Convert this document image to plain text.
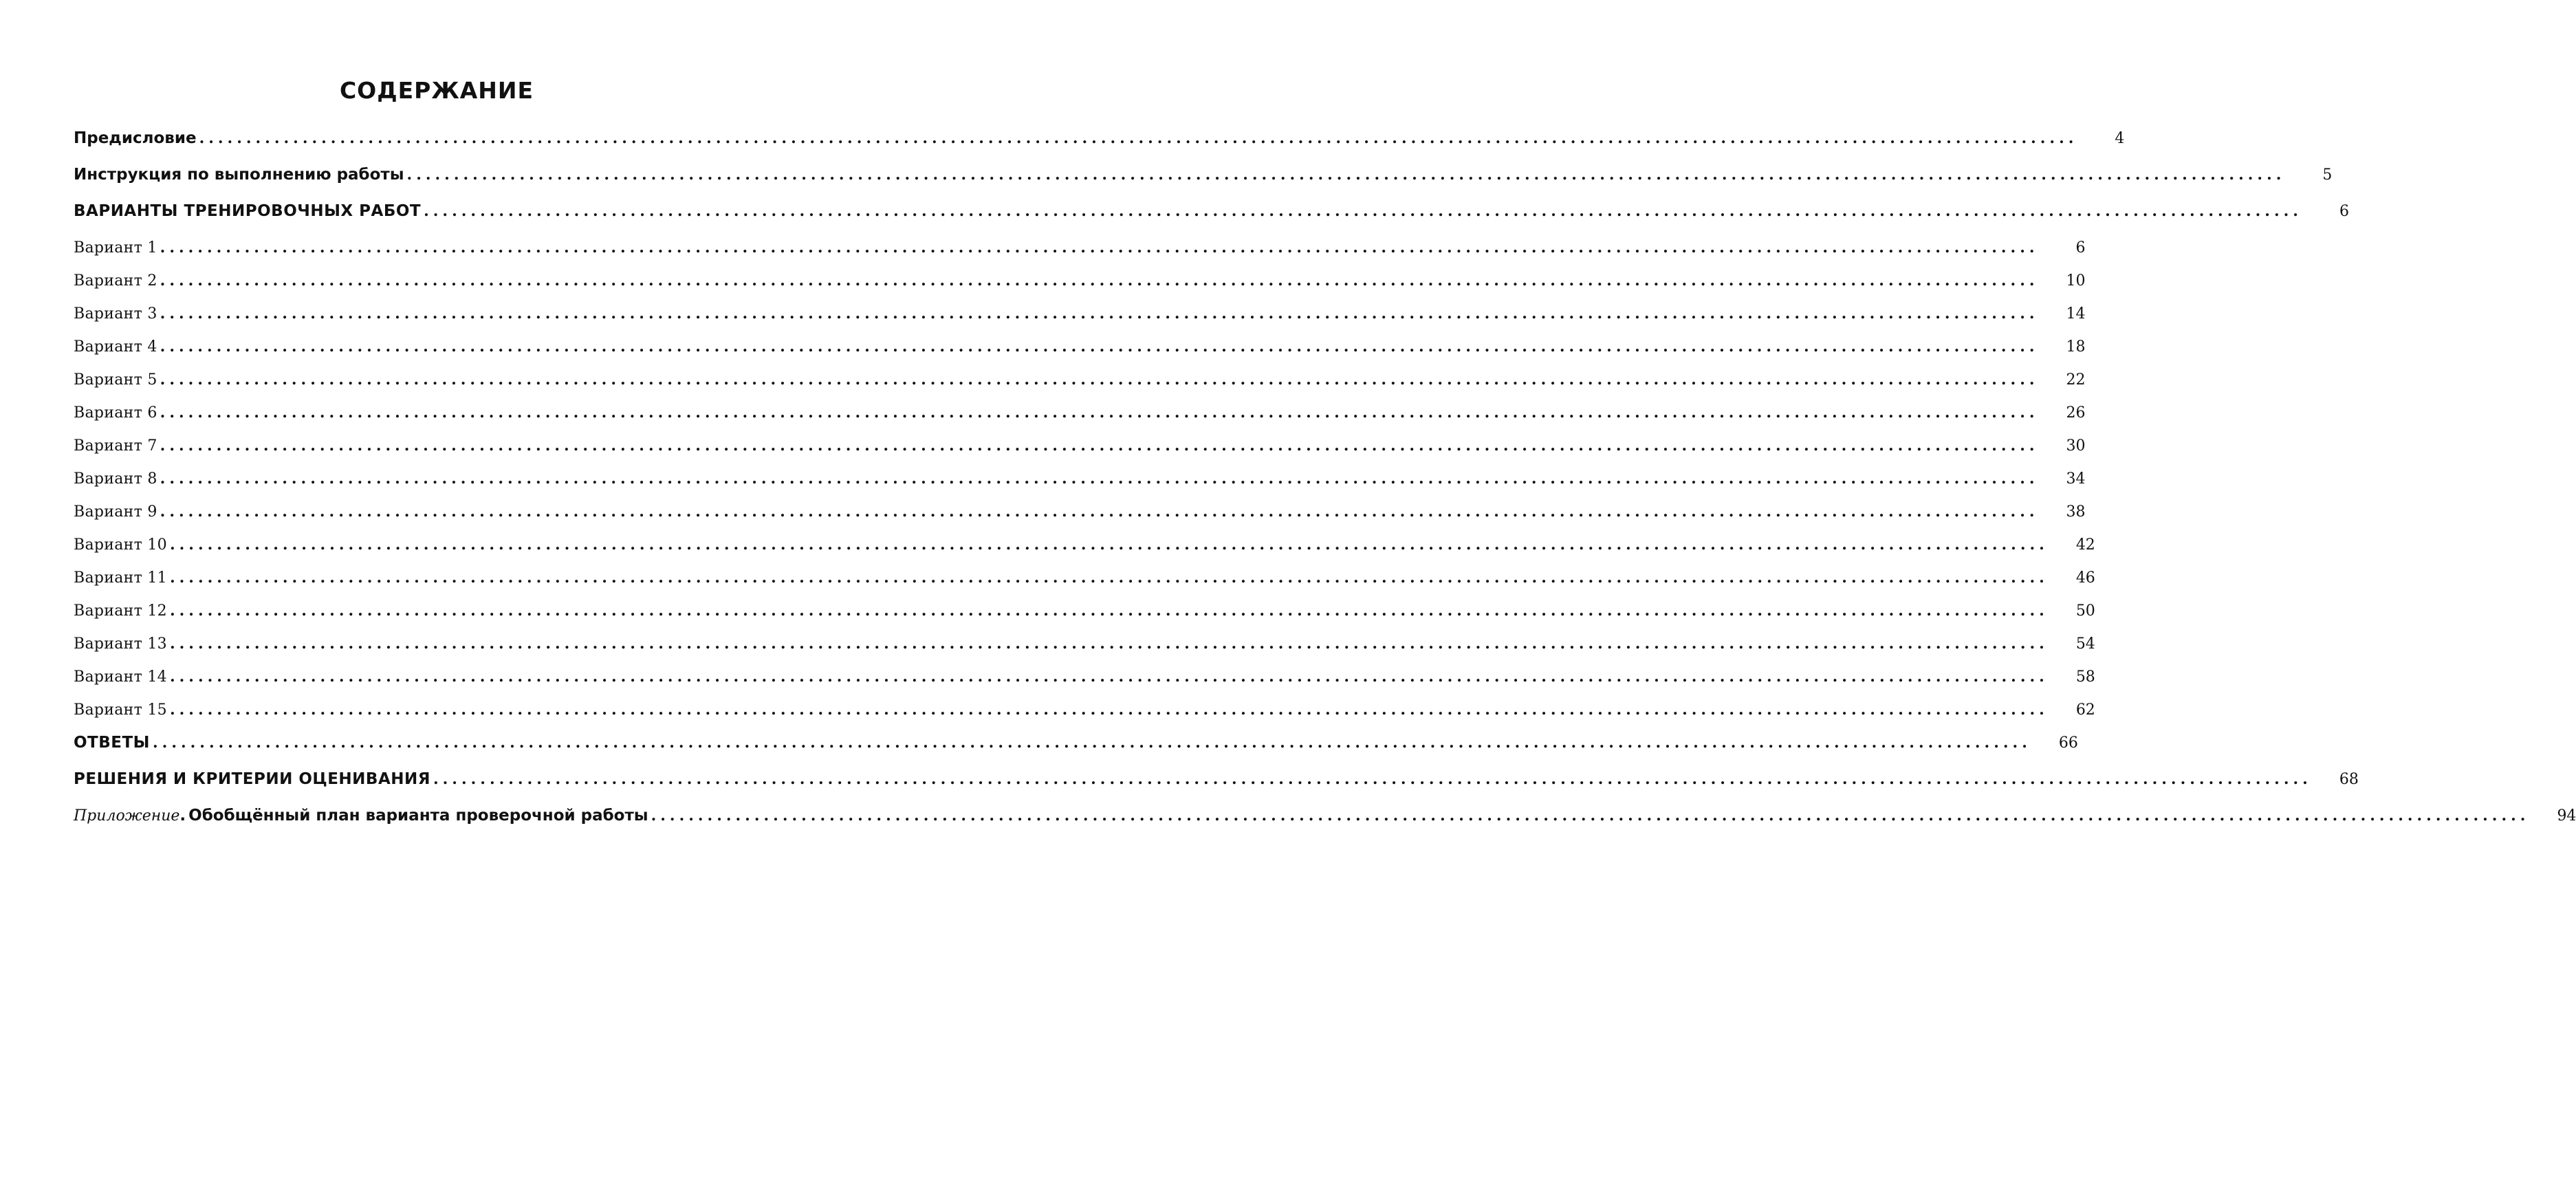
СОДЕРЖАНИЕ
Предисловие ........................................................................................................................................................................................................	4
Инструкция по выполнению работы ........................................................................................................................................................................................................	5
ВАРИАНТЫ ТРЕНИРОВОЧНЫХ РАБОТ ........................................................................................................................................................................................................	6
Вариант 1 ........................................................................................................................................................................................................	6
Вариант 2 ........................................................................................................................................................................................................	10
Вариант 3 ........................................................................................................................................................................................................	14
Вариант 4 ........................................................................................................................................................................................................	18
Вариант 5 ........................................................................................................................................................................................................	22
Вариант 6 ........................................................................................................................................................................................................	26
Вариант 7 ........................................................................................................................................................................................................	30
Вариант 8 ........................................................................................................................................................................................................	34
Вариант 9 ........................................................................................................................................................................................................	38
Вариант 10 ........................................................................................................................................................................................................	42
Вариант 11 ........................................................................................................................................................................................................	46
Вариант 12 ........................................................................................................................................................................................................	50
Вариант 13 ........................................................................................................................................................................................................	54
Вариант 14 ........................................................................................................................................................................................................	58
Вариант 15 ........................................................................................................................................................................................................	62
ОТВЕТЫ ........................................................................................................................................................................................................	66
РЕШЕНИЯ И КРИТЕРИИ ОЦЕНИВАНИЯ ........................................................................................................................................................................................................	68
Приложение. Обобщённый план варианта проверочной работы ........................................................................................................................................................................................................	94
